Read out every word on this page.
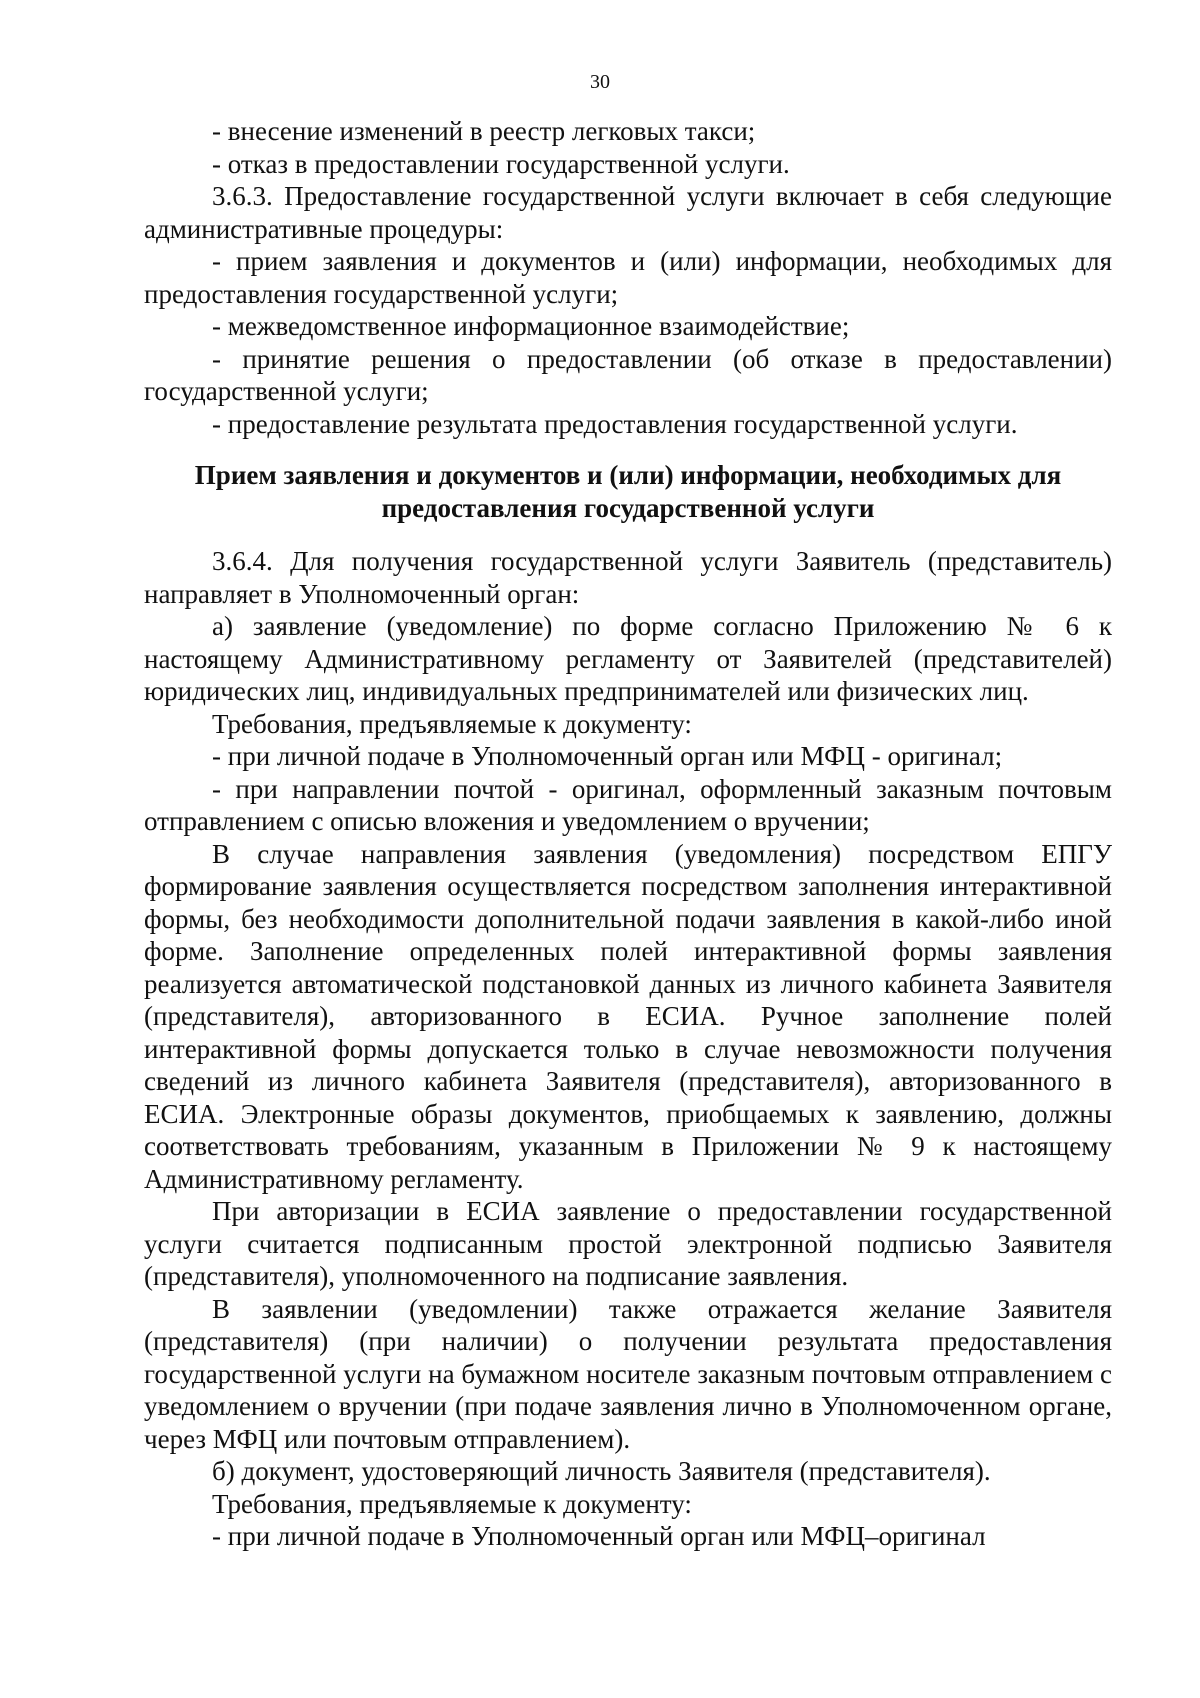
30

- внесение изменений в реестр легковых такси;

- отказ в предоставлении государственной услуги.

3.6.3. Предоставление государственной услуги включает в себя следующие административные процедуры:

- прием заявления и документов и (или) информации, необходимых для предоставления государственной услуги;

- межведомственное информационное взаимодействие;

- принятие решения о предоставлении (об отказе в предоставлении) государственной услуги;

- предоставление результата предоставления государственной услуги.

Прием заявления и документов и (или) информации, необходимых для предоставления государственной услуги

3.6.4. Для получения государственной услуги Заявитель (представитель) направляет в Уполномоченный орган:

а) заявление (уведомление) по форме согласно Приложению № 6 к настоящему Административному регламенту от Заявителей (представителей) юридических лиц, индивидуальных предпринимателей или физических лиц.

Требования, предъявляемые к документу:

- при личной подаче в Уполномоченный орган или МФЦ - оригинал;

- при направлении почтой - оригинал, оформленный заказным почтовым отправлением с описью вложения и уведомлением о вручении;

В случае направления заявления (уведомления) посредством ЕПГУ формирование заявления осуществляется посредством заполнения интерактивной формы, без необходимости дополнительной подачи заявления в какой-либо иной форме. Заполнение определенных полей интерактивной формы заявления реализуется автоматической подстановкой данных из личного кабинета Заявителя (представителя), авторизованного в ЕСИА. Ручное заполнение полей интерактивной формы допускается только в случае невозможности получения сведений из личного кабинета Заявителя (представителя), авторизованного в ЕСИА. Электронные образы документов, приобщаемых к заявлению, должны соответствовать требованиям, указанным в Приложении № 9 к настоящему Административному регламенту.

При авторизации в ЕСИА заявление о предоставлении государственной услуги считается подписанным простой электронной подписью Заявителя (представителя), уполномоченного на подписание заявления.

В заявлении (уведомлении) также отражается желание Заявителя (представителя) (при наличии) о получении результата предоставления государственной услуги на бумажном носителе заказным почтовым отправлением с уведомлением о вручении (при подаче заявления лично в Уполномоченном органе, через МФЦ или почтовым отправлением).

б) документ, удостоверяющий личность Заявителя (представителя).

Требования, предъявляемые к документу:

- при личной подаче в Уполномоченный орган или МФЦ–оригинал
